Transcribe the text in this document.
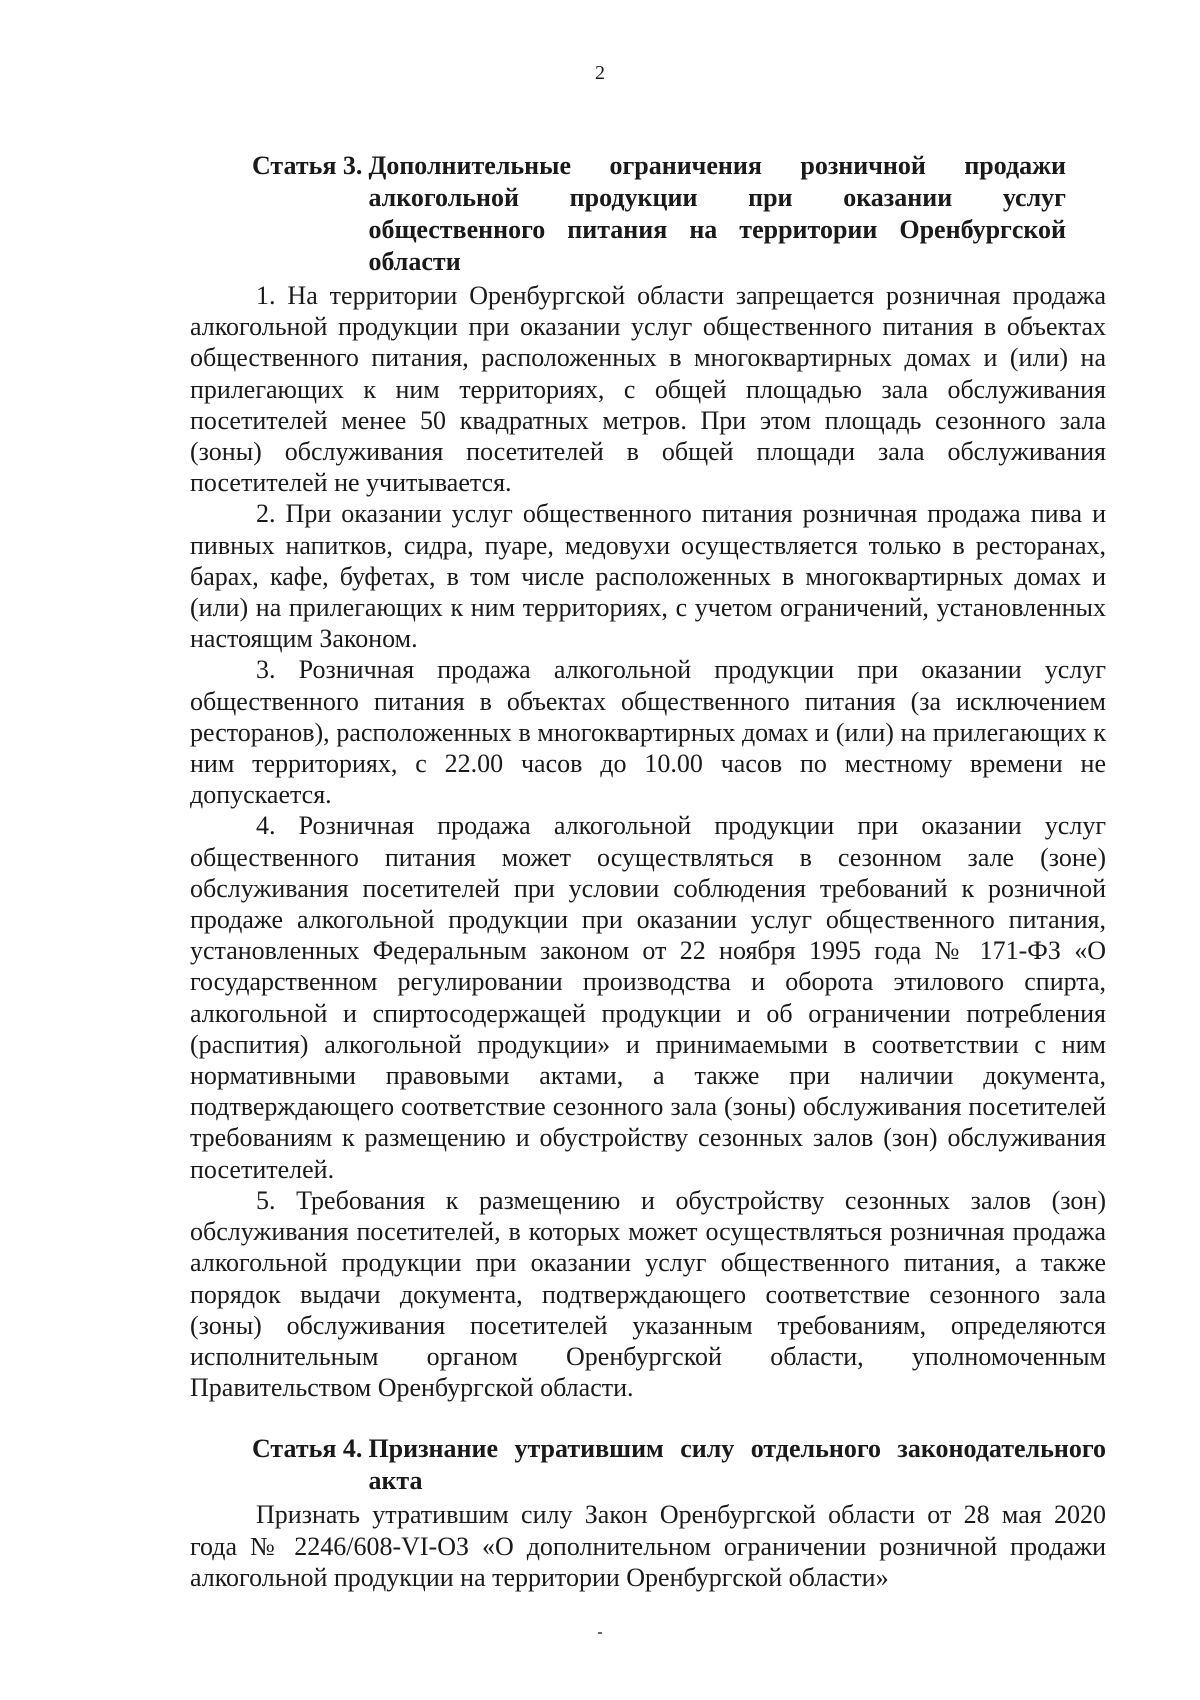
2
Статья 3. Дополнительные ограничения розничной продажи алкогольной продукции при оказании услуг общественного питания на территории Оренбургской области

1. На территории Оренбургской области запрещается розничная продажа алкогольной продукции при оказании услуг общественного питания в объектах общественного питания, расположенных в многоквартирных домах и (или) на прилегающих к ним территориях, с общей площадью зала обслуживания посетителей менее 50 квадратных метров. При этом площадь сезонного зала (зоны) обслуживания посетителей в общей площади зала обслуживания посетителей не учитывается.

2. При оказании услуг общественного питания розничная продажа пива и пивных напитков, сидра, пуаре, медовухи осуществляется только в ресторанах, барах, кафе, буфетах, в том числе расположенных в многоквартирных домах и (или) на прилегающих к ним территориях, с учетом ограничений, установленных настоящим Законом.

3. Розничная продажа алкогольной продукции при оказании услуг общественного питания в объектах общественного питания (за исключением ресторанов), расположенных в многоквартирных домах и (или) на прилегающих к ним территориях, с 22.00 часов до 10.00 часов по местному времени не допускается.

4. Розничная продажа алкогольной продукции при оказании услуг общественного питания может осуществляться в сезонном зале (зоне) обслуживания посетителей при условии соблюдения требований к розничной продаже алкогольной продукции при оказании услуг общественного питания, установленных Федеральным законом от 22 ноября 1995 года № 171-ФЗ «О государственном регулировании производства и оборота этилового спирта, алкогольной и спиртосодержащей продукции и об ограничении потребления (распития) алкогольной продукции» и принимаемыми в соответствии с ним нормативными правовыми актами, а также при наличии документа, подтверждающего соответствие сезонного зала (зоны) обслуживания посетителей требованиям к размещению и обустройству сезонных залов (зон) обслуживания посетителей.

5. Требования к размещению и обустройству сезонных залов (зон) обслуживания посетителей, в которых может осуществляться розничная продажа алкогольной продукции при оказании услуг общественного питания, а также порядок выдачи документа, подтверждающего соответствие сезонного зала (зоны) обслуживания посетителей указанным требованиям, определяются исполнительным органом Оренбургской области, уполномоченным Правительством Оренбургской области.

Статья 4. Признание утратившим силу отдельного законодательного акта

Признать утратившим силу Закон Оренбургской области от 28 мая 2020 года № 2246/608-VI-ОЗ «О дополнительном ограничении розничной продажи алкогольной продукции на территории Оренбургской области»
